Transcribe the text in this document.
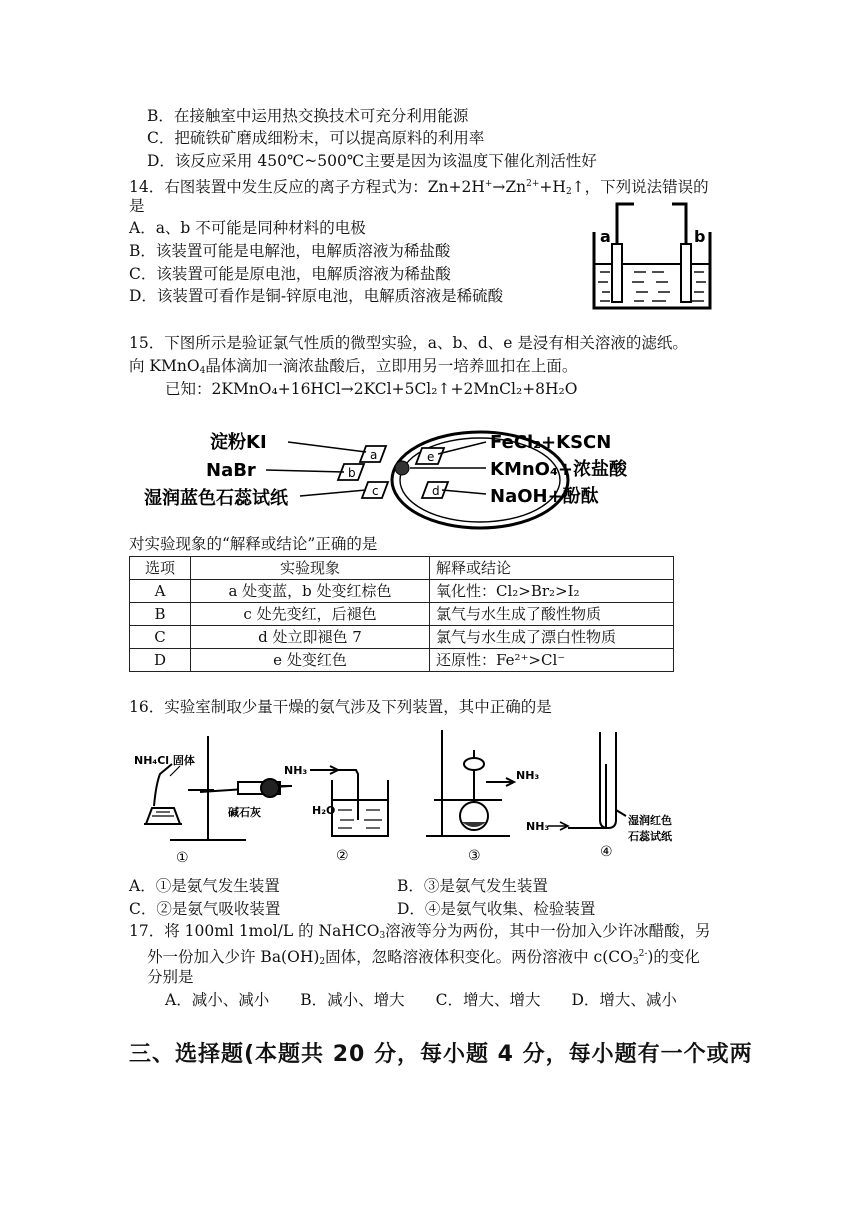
B．在接触室中运用热交换技术可充分利用能源
C．把硫铁矿磨成细粉末，可以提高原料的利用率
D．该反应采用 450℃~500℃主要是因为该温度下催化剂活性好
14．右图装置中发生反应的离子方程式为：$Zn+2H^+\to Zn^{2+}+H_2↑$，下列说法错误的
是
A．a、b 不可能是同种材料的电极
B．该装置可能是电解池，电解质溶液为稀盐酸
C．该装置可能是原电池，电解质溶液为稀盐酸
D．该装置可看作是铜-锌原电池，电解质溶液是稀硫酸
a	b
15．下图所示是验证氯气性质的微型实验，a、b、d、e 是浸有相关溶液的滤纸。
向 KMnO$_4$晶体滴加一滴浓盐酸后，立即用另一培养皿扣在上面。
已知：2KMnO₄+16HCl→2KCl+5Cl₂↑+2MnCl₂+8H₂O
a
b
c
e
d
淀粉KI
NaBr
湿润蓝色石蕊试纸
FeCl₂+KSCN
KMnO₄+浓盐酸
NaOH+酚酞
对实验现象的“解释或结论”正确的是
选项	实验现象	解释或结论
A	a 处变蓝，b 处变红棕色	氧化性：Cl₂>Br₂>I₂
B	c 处先变红，后褪色	氯气与水生成了酸性物质
C	d 处立即褪色 7	氯气与水生成了漂白性物质
D	e 处变红色	还原性：Fe²⁺>Cl⁻
16．实验室制取少量干燥的氨气涉及下列装置，其中正确的是
NH₄Cl 固体
碱石灰
①
NH₃
H₂O
②
NH₃
③
NH₃	湿润红色
石蕊试纸
④
A．①是氨气发生装置	B．③是氨气发生装置
C．②是氨气吸收装置	D．④是氨气收集、检验装置
17．将 100ml 1mol/L 的 NaHCO$_3$溶液等分为两份，其中一份加入少许冰醋酸，另
外一份加入少许 $Ba(OH)_2$固体，忽略溶液体积变化。两份溶液中 $c(CO_3^{2-})$的变化
分别是
A．减小、减小　　B．减小、增大　　C．增大、增大　　D．增大、减小
三、选择题(本题共 20 分，每小题 4 分，每小题有一个或两
